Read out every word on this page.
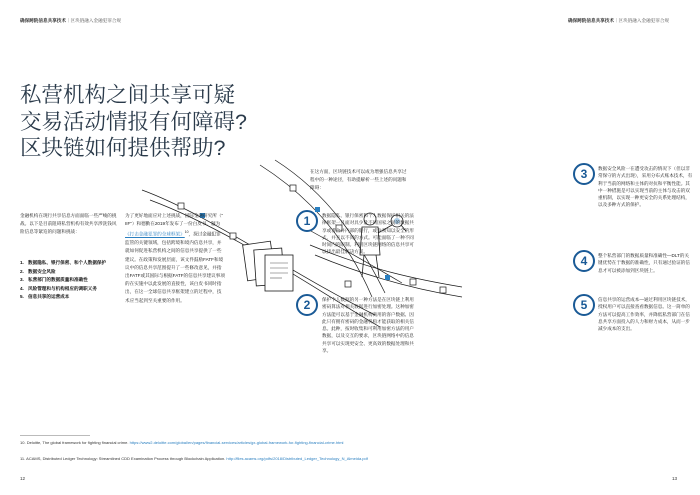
确保跨院信息共享技术｜区块链融入金融犯罪合规	确保跨院信息共享技术｜区块链融入金融犯罪合规
私营机构之间共享可疑
交易活动情报有何障碍?
区块链如何提供帮助?

金融机构在现行共享信息方面面临一些严峻的挑战。以下是目前阻碍私营机构有效共享涉洗钱风险信息等紧迫的问题和挑战：

1. 数据隐私、银行保密、和个人数据保护
2. 数据安全风险
3. 私营部门的数据质量和准确性
4. 风险管理和与机构相应的调职义务
5. 信息共享的运营成本

为了更好地面应对上述挑战，国际金融研究所（“ IIF”）和德勤在2019年发布了一份白皮书，题为《打击金融犯罪的全球框架》$^{10}$，探讨金融犯罪监管的关键领域，包括跨境和境内信息共享，并就如何促进私营机构之间的信息共享提供了一些建议。在政策和发展层面，该文件鼓励FATF和境议中的信息共享范围提升了一些修改意见，并指出FATF或其国际与根据FATF的信息共享建议事项的在实施中以此发展的直接性，该白皮书同时指出，在这一全球信息共享框架建立的过程中，技术应当起到至关重要的作用。

在这方面，区块链技术可以成为增强信息共享过程中的一种途径，有助提解析一些上述的问题和障碍：

1	数据隐私、银行保密和个人数据保护相关的法律框架一旦面对具少量不同国家之间的数据共享或者合并内部的银行，或业须知以安全的形式，并且以不同的方式。可能面临了一种不同时间内的限制。利用区块链网络的信息共享可以找出最佳解决方案。
2	保护个人数据的另一种方法是在区块链上利用密码算法对相关数据进行加密处理。这种加密方法能可以基于金融机构商用的客户数据、因此只有拥有密码的金融机构才能获取的相关信息。此种，按时收集和可利用加密方法的用户数据，以及交互的要求，区块链网络中的信息共享可以实现更安全、更高效的数据处理和共享。
3	数据安全风险一在遭受攻击的情况下（但以非常保守的方式出现），采用分布式账本技术，有利于当前的网络和主体的对抗和平衡性能。其中一种措施是可以实现当前的主体与攻击的双重机制，以实现一种更安全的关系处理结构，以及多种方式的保护。
4	整个私营部门的数据质量和准确性—DLT的关键优势在于数据的准确性，只有通过验证的信息才可以被添加到区块链上。
5	信息共享的运营成本—通过利用区块链技术，授权用户可以直接查看数据信息。这一简单的方法可以提高工作效率，并降低私营部门在信息共享方面投入的人力和财力成本，从而一步减少成本的支出。
10. Deloitte, The global framework for fighting financial crime. https://www2.deloitte.com/global/en/pages/financial-services/articles/gx-global-framework-for-fighting-financial-crime.html
11. ACAMS, Distributed Ledger Technology: Streamlined CDD Examination Process through Blockchain Application. http://files.acams.org/pdfs/2018/Distributed_Ledger_Technology_N_Almeida.pdf
12	13
